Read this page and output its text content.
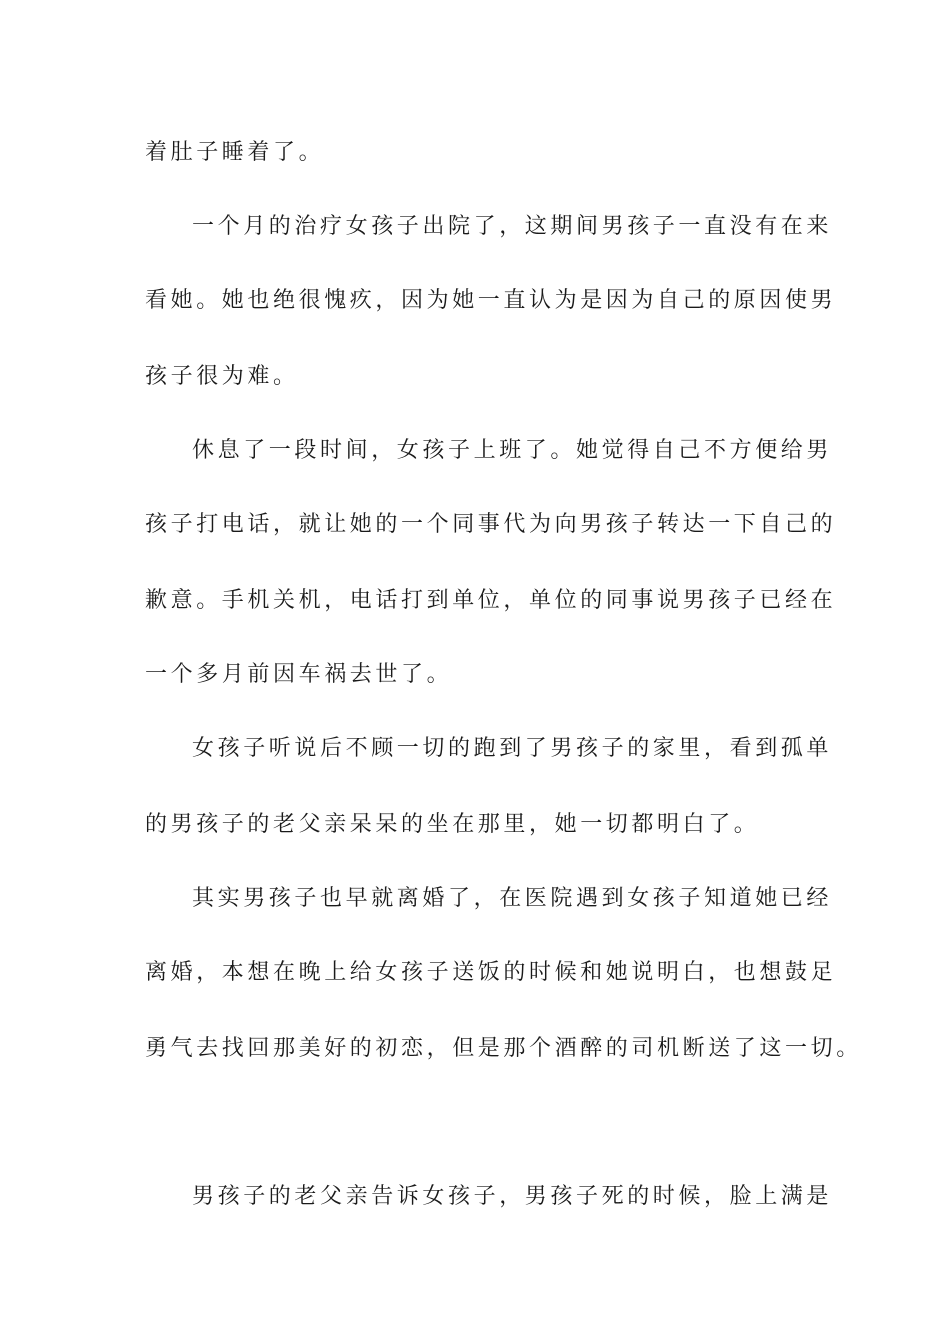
着肚子睡着了。
一个月的治疗女孩子出院了，这期间男孩子一直没有在来
看她。她也绝很愧疚，因为她一直认为是因为自己的原因使男
孩子很为难。
休息了一段时间，女孩子上班了。她觉得自己不方便给男
孩子打电话，就让她的一个同事代为向男孩子转达一下自己的
歉意。手机关机，电话打到单位，单位的同事说男孩子已经在
一个多月前因车祸去世了。
女孩子听说后不顾一切的跑到了男孩子的家里，看到孤单
的男孩子的老父亲呆呆的坐在那里，她一切都明白了。
其实男孩子也早就离婚了，在医院遇到女孩子知道她已经
离婚，本想在晚上给女孩子送饭的时候和她说明白，也想鼓足
勇气去找回那美好的初恋，但是那个酒醉的司机断送了这一切。
男孩子的老父亲告诉女孩子，男孩子死的时候，脸上满是
